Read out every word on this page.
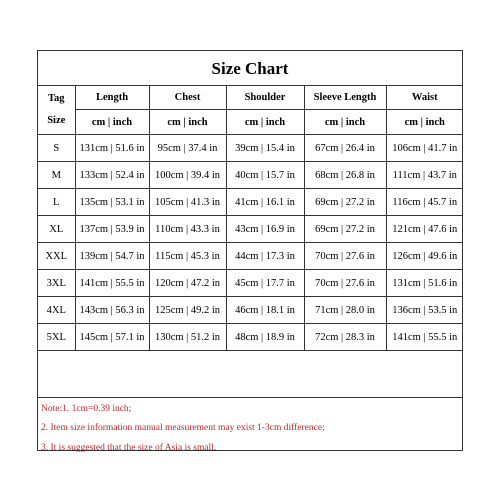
Size Chart
Tag
Size	Length	Chest	Shoulder	Sleeve Length	Waist
	cm | inch	cm | inch	cm | inch	cm | inch	cm | inch
S	131cm | 51.6 in	95cm | 37.4 in	39cm | 15.4 in	67cm | 26.4 in	106cm | 41.7 in
M	133cm | 52.4 in	100cm | 39.4 in	40cm | 15.7 in	68cm | 26.8 in	111cm | 43.7 in
L	135cm | 53.1 in	105cm | 41.3 in	41cm | 16.1 in	69cm | 27.2 in	116cm | 45.7 in
XL	137cm | 53.9 in	110cm | 43.3 in	43cm | 16.9 in	69cm | 27.2 in	121cm | 47.6 in
XXL	139cm | 54.7 in	115cm | 45.3 in	44cm | 17.3 in	70cm | 27.6 in	126cm | 49.6 in
3XL	141cm | 55.5 in	120cm | 47.2 in	45cm | 17.7 in	70cm | 27.6 in	131cm | 51.6 in
4XL	143cm | 56.3 in	125cm | 49.2 in	46cm | 18.1 in	71cm | 28.0 in	136cm | 53.5 in
5XL	145cm | 57.1 in	130cm | 51.2 in	48cm | 18.9 in	72cm | 28.3 in	141cm | 55.5 in
Note:1. 1cm=0.39 inch;
2. Item size information manual measurement may exist 1-3cm difference;
3. It is suggested that the size of Asia is small.
